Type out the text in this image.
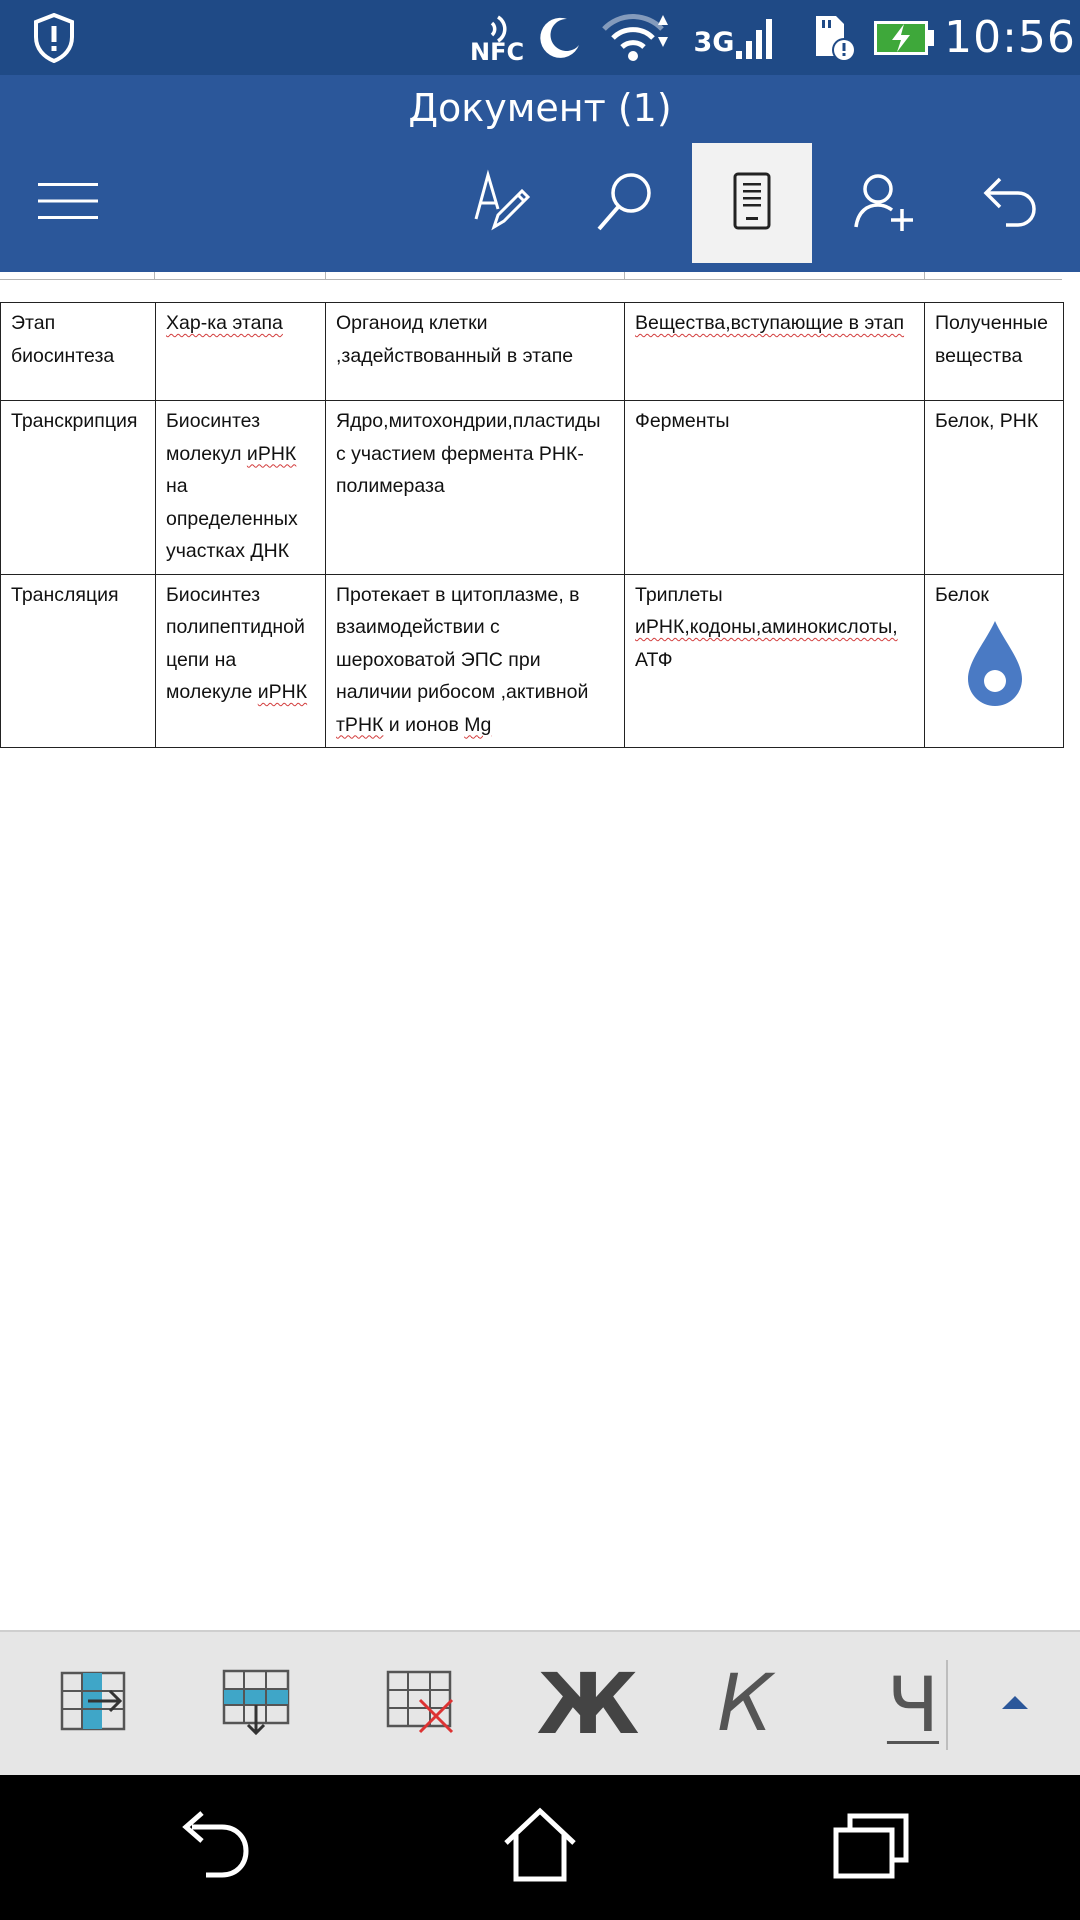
NFC	3G	10:56
Документ (1)
Этап биосинтеза	Хар-ка этапа	Органоид клетки ,задействованный в этапе	Вещества,вступающие в этап	Полученные вещества
Транскрипция	Биосинтез молекул иРНК на определенных участках ДНК	Ядро,митохондрии,пластиды с участием фермента РНК-полимераза	Ферменты	Белок, РНК
Трансляция	Биосинтез полипептидной цепи на молекуле иРНК	Протекает в цитоплазме, в взаимодействии с шероховатой ЭПС при наличии рибосом ,активной тРНК и ионов Mg	Триплеты иРНК,кодоны,аминокислоты, АТФ	Белок
Ж К Ч
